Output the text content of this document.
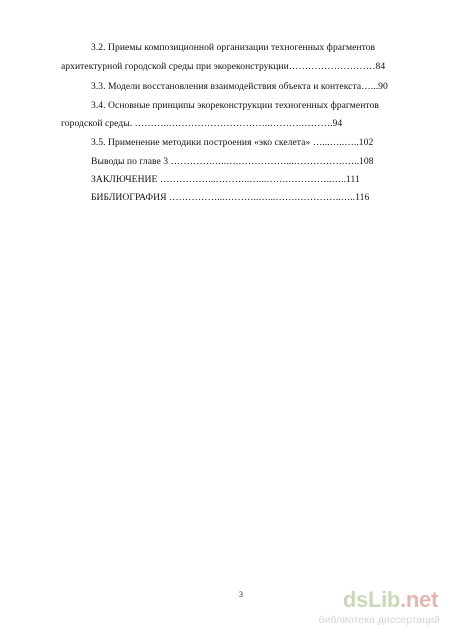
3.2. Приемы композиционной организации техногенных фрагментов
архитектурной городской среды при экореконструкции………………………84
3.3. Модели восстановления взаимодействия объекта и контекста…...90
3.4. Основные принципы экореконструкции техногенных фрагментов
городской среды. ………..…………………………..……….……….94
3.5. Применение методики построения «эко скелета» …...…..…..102
Выводы по главе 3 ………….…..….……………...…………….…..108
ЗАКЛЮЧЕНИЕ ……………...………..…...…….…………..…..111
БИБЛИОГРАФИЯ ……………...………..…...…….…………..…..116
3	dsLib.net
библиотека диссертаций
